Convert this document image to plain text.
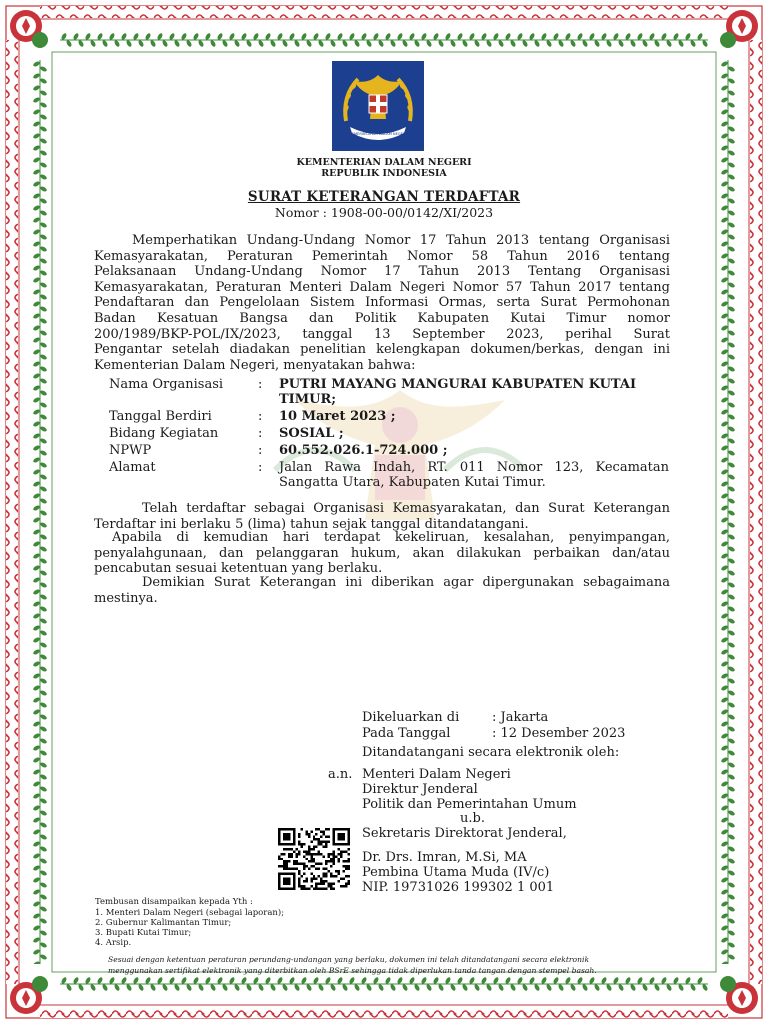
PEMERINTAHAN DALAM NEGERI
KEMENTERIAN DALAM NEGERI
REPUBLIK INDONESIA
SURAT KETERANGAN TERDAFTAR
Nomor : 1908-00-00/0142/XI/2023
Memperhatikan Undang-Undang Nomor 17 Tahun 2013 tentang Organisasi
Kemasyarakatan, Peraturan Pemerintah Nomor 58 Tahun 2016 tentang
Pelaksanaan Undang-Undang Nomor 17 Tahun 2013 Tentang Organisasi
Kemasyarakatan, Peraturan Menteri Dalam Negeri Nomor 57 Tahun 2017 tentang
Pendaftaran dan Pengelolaan Sistem Informasi Ormas, serta Surat Permohonan
Badan Kesatuan Bangsa dan Politik Kabupaten Kutai Timur nomor
200/1989/BKP-POL/IX/2023, tanggal 13 September 2023, perihal Surat
Pengantar setelah diadakan penelitian kelengkapan dokumen/berkas, dengan ini
Kementerian Dalam Negeri, menyatakan bahwa:
Nama Organisasi	: PUTRI MAYANG MANGURAI KABUPATEN KUTAI TIMUR;
Tanggal Berdiri	: 10 Maret 2023 ;
Bidang Kegiatan	: SOSIAL ;
NPWP	: 60.552.026.1-724.000 ;
Alamat	: Jalan Rawa Indah, RT. 011 Nomor 123, Kecamatan Sangatta Utara, Kabupaten Kutai Timur.
Telah terdaftar sebagai Organisasi Kemasyarakatan, dan Surat Keterangan
Terdaftar ini berlaku 5 (lima) tahun sejak tanggal ditandatangani.
Apabila di kemudian hari terdapat kekeliruan, kesalahan, penyimpangan,
penyalahgunaan, dan pelanggaran hukum, akan dilakukan perbaikan dan/atau
pencabutan sesuai ketentuan yang berlaku.
Demikian Surat Keterangan ini diberikan agar dipergunakan sebagaimana
mestinya.
Dikeluarkan di	: Jakarta
Pada Tanggal	: 12 Desember 2023
Ditandatangani secara elektronik oleh:
a.n. Menteri Dalam Negeri
Direktur Jenderal
Politik dan Pemerintahan Umum
u.b.
Sekretaris Direktorat Jenderal,
Dr. Drs. Imran, M.Si, MA
Pembina Utama Muda (IV/c)
NIP. 19731026 199302 1 001
Tembusan disampaikan kepada Yth :
1. Menteri Dalam Negeri (sebagai laporan);
2. Gubernur Kalimantan Timur;
3. Bupati Kutai Timur;
4. Arsip.
Sesuai dengan ketentuan peraturan perundang-undangan yang berlaku, dokumen ini telah ditandatangani secara elektronik
menggunakan sertifikat elektronik yang diterbitkan oleh BSrE sehingga tidak diperlukan tanda tangan dengan stempel basah.
